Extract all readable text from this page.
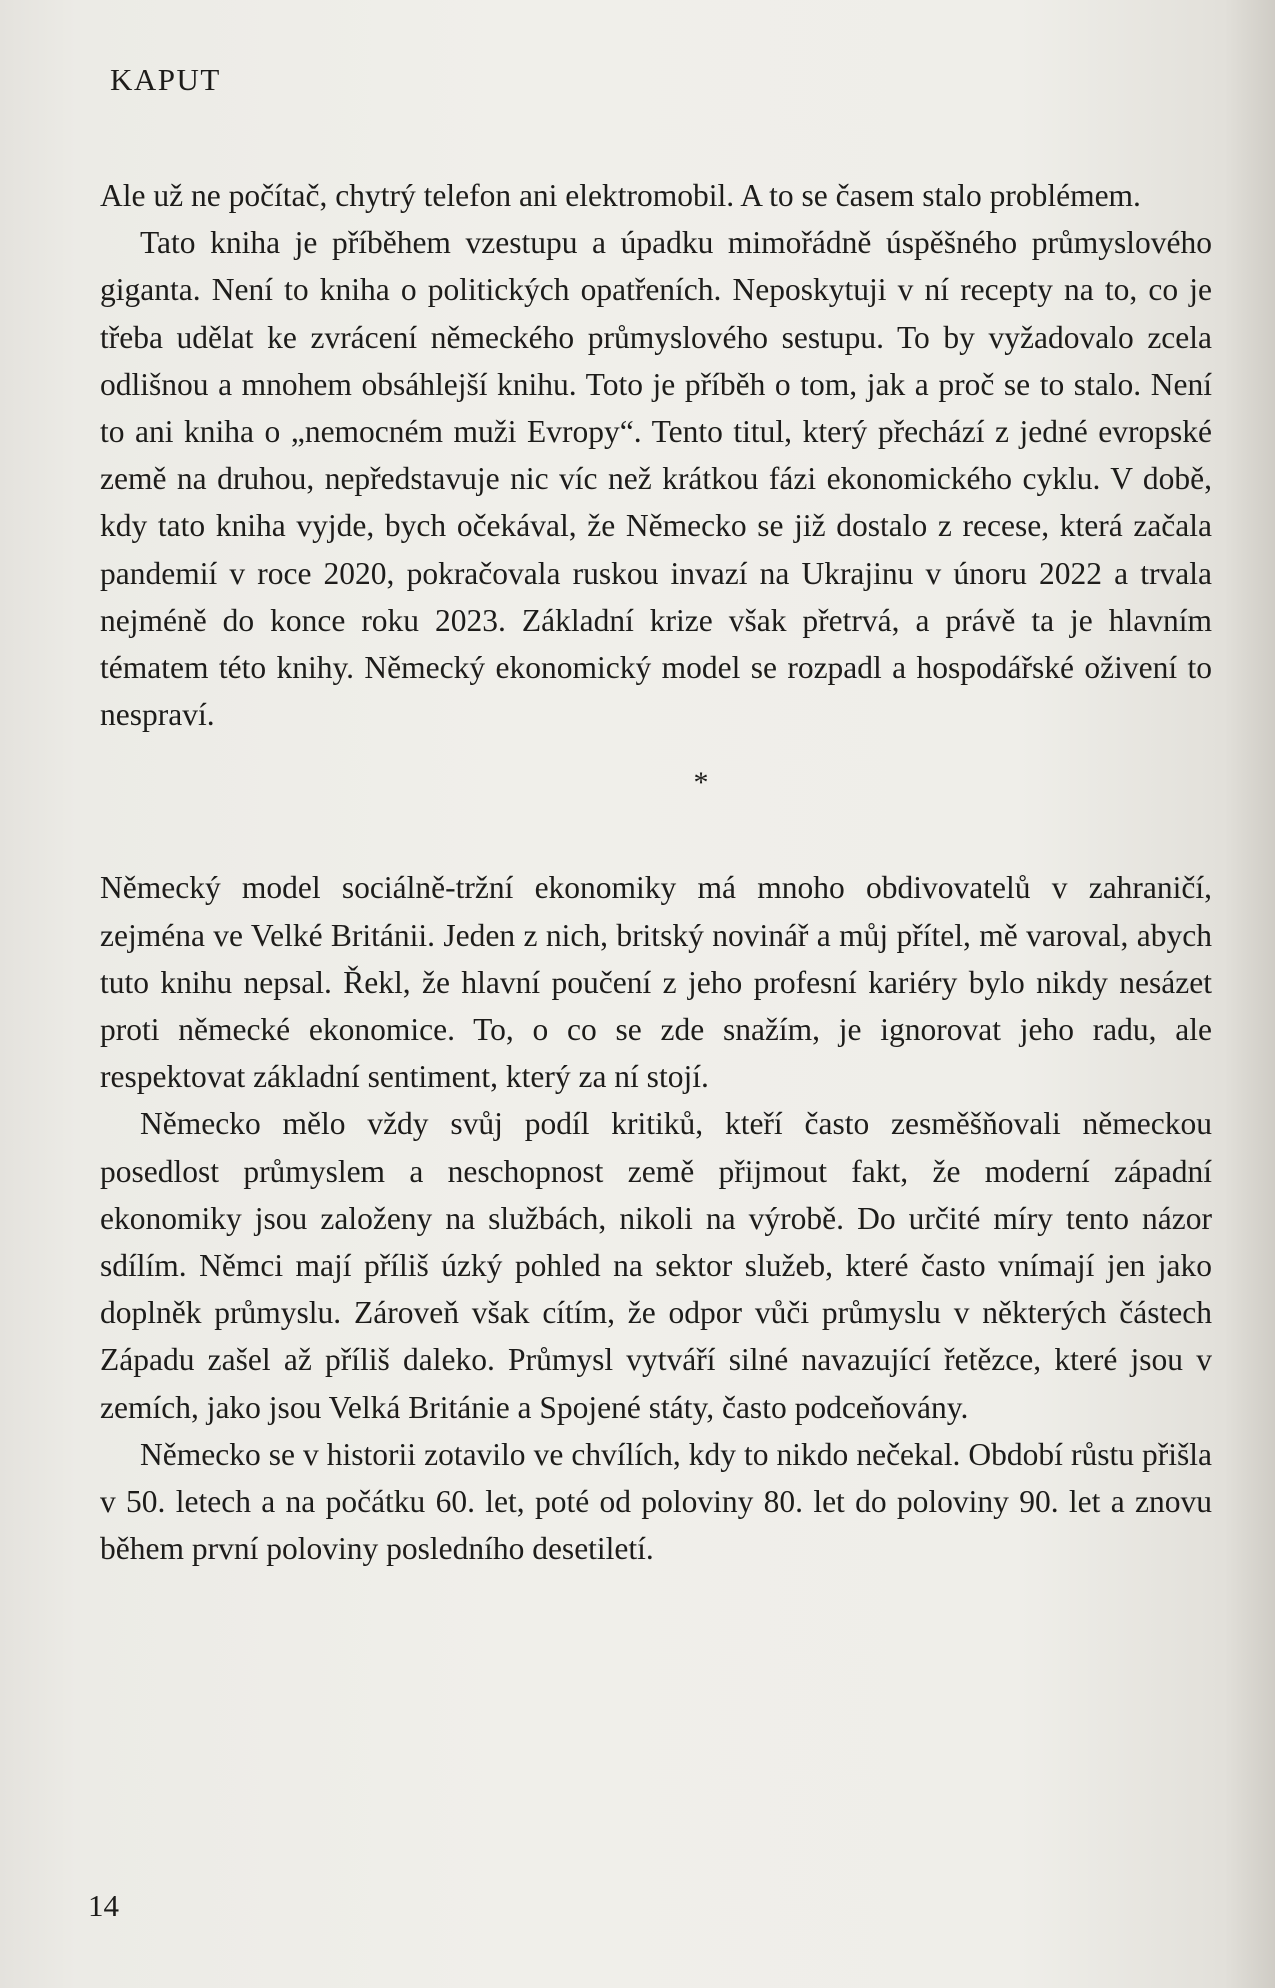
KAPUT

Ale už ne počítač, chytrý telefon ani elektromobil. A to se časem stalo problémem.

Tato kniha je příběhem vzestupu a úpadku mimořádně úspěšného průmyslového giganta. Není to kniha o politických opatřeních. Neposkytuji v ní recepty na to, co je třeba udělat ke zvrácení německého průmyslového sestupu. To by vyžadovalo zcela odlišnou a mnohem obsáhlejší knihu. Toto je příběh o tom, jak a proč se to stalo. Není to ani kniha o „nemocném muži Evropy“. Tento titul, který přechází z jedné evropské země na druhou, nepředstavuje nic víc než krátkou fázi ekonomického cyklu. V době, kdy tato kniha vyjde, bych očekával, že Německo se již dostalo z recese, která začala pandemií v roce 2020, pokračovala ruskou invazí na Ukrajinu v únoru 2022 a trvala nejméně do konce roku 2023. Základní krize však přetrvá, a právě ta je hlavním tématem této knihy. Německý ekonomický model se rozpadl a hospodářské oživení to nespraví.

*

Německý model sociálně-tržní ekonomiky má mnoho obdivovatelů v zahraničí, zejména ve Velké Británii. Jeden z nich, britský novinář a můj přítel, mě varoval, abych tuto knihu nepsal. Řekl, že hlavní poučení z jeho profesní kariéry bylo nikdy nesázet proti německé ekonomice. To, o co se zde snažím, je ignorovat jeho radu, ale respektovat základní sentiment, který za ní stojí.

Německo mělo vždy svůj podíl kritiků, kteří často zesměšňovali německou posedlost průmyslem a neschopnost země přijmout fakt, že moderní západní ekonomiky jsou založeny na službách, nikoli na výrobě. Do určité míry tento názor sdílím. Němci mají příliš úzký pohled na sektor služeb, které často vnímají jen jako doplněk průmyslu. Zároveň však cítím, že odpor vůči průmyslu v některých částech Západu zašel až příliš daleko. Průmysl vytváří silné navazující řetězce, které jsou v zemích, jako jsou Velká Británie a Spojené státy, často podceňovány.

Německo se v historii zotavilo ve chvílích, kdy to nikdo nečekal. Období růstu přišla v 50. letech a na počátku 60. let, poté od poloviny 80. let do poloviny 90. let a znovu během první poloviny posledního desetiletí.

14
